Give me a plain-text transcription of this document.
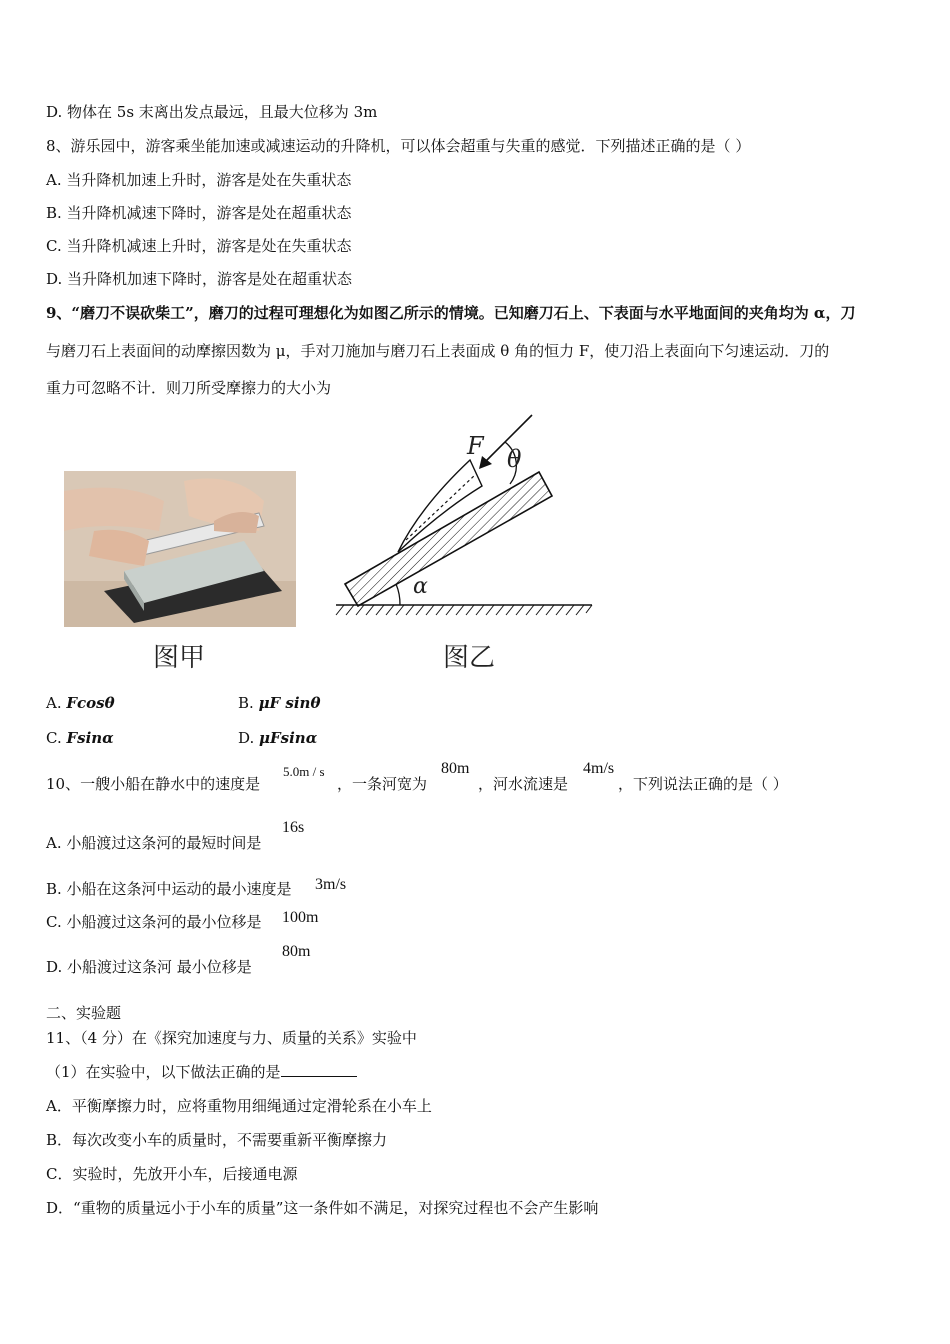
D. 物体在 5s 末离出发点最远，且最大位移为 3m
8、游乐园中，游客乘坐能加速或减速运动的升降机，可以体会超重与失重的感觉．下列描述正确的是（ ）
A. 当升降机加速上升时，游客是处在失重状态
B. 当升降机减速下降时，游客是处在超重状态
C. 当升降机减速上升时，游客是处在失重状态
D. 当升降机加速下降时，游客是处在超重状态
9、“磨刀不误砍柴工”，磨刀的过程可理想化为如图乙所示的情境。已知磨刀石上、下表面与水平地面间的夹角均为 α，刀
与磨刀石上表面间的动摩擦因数为 μ，手对刀施加与磨刀石上表面成 θ 角的恒力 F，使刀沿上表面向下匀速运动．刀的
重力可忽略不计．则刀所受摩擦力的大小为
F θ
α
图甲	图乙
A. Fcosθ	B. μF sinθ
C. Fsinα	D. μFsinα
10、一艘小船在静水中的速度是
5.0m / s
，一条河宽为
80m
，河水流速是
4m/s
，下列说法正确的是（ ）
A. 小船渡过这条河的最短时间是
16s
B. 小船在这条河中运动的最小速度是 3m/s
C. 小船渡过这条河的最小位移是 100m
D. 小船渡过这条河 最小位移是
80m
二、实验题
11、（4 分）在《探究加速度与力、质量的关系》实验中
（1）在实验中，以下做法正确的是
A．平衡摩擦力时，应将重物用细绳通过定滑轮系在小车上
B．每次改变小车的质量时，不需要重新平衡摩擦力
C．实验时，先放开小车，后接通电源
D．“重物的质量远小于小车的质量”这一条件如不满足，对探究过程也不会产生影响
